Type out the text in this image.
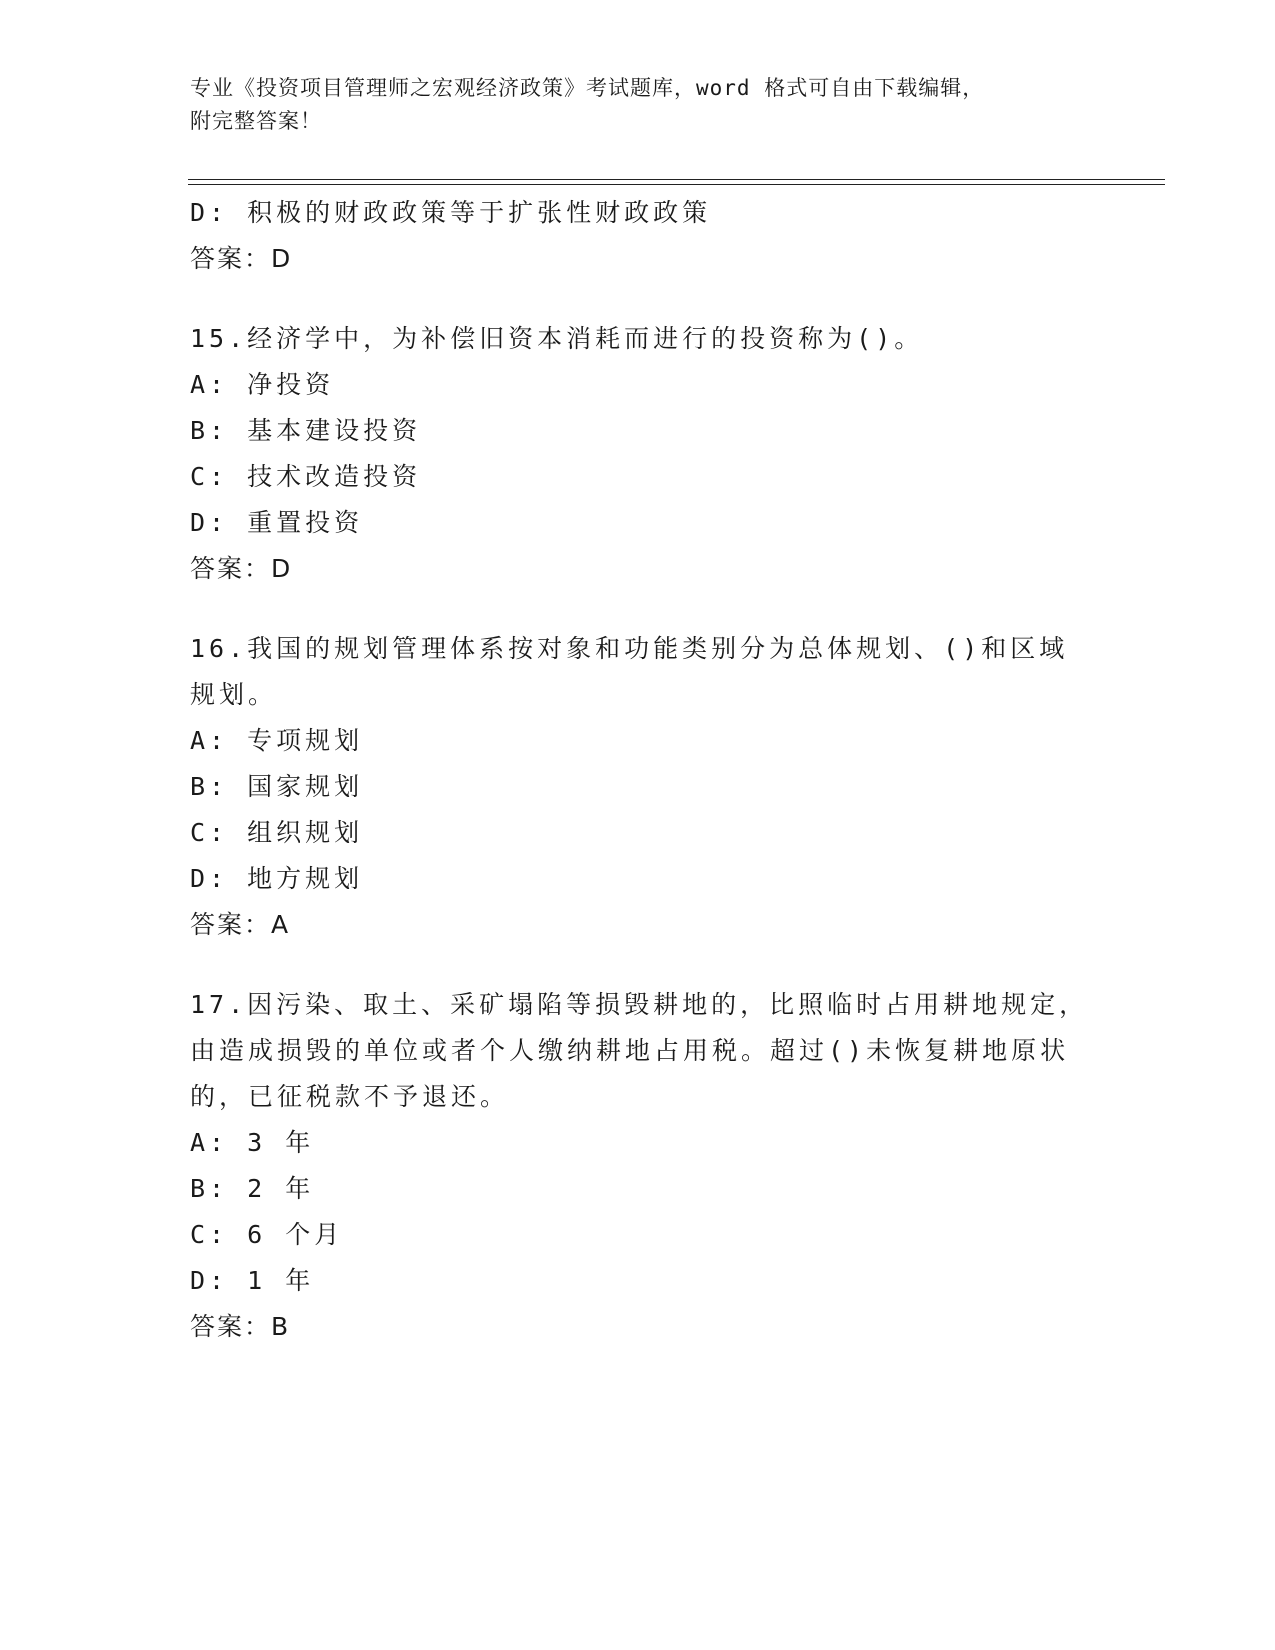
专业《投资项目管理师之宏观经济政策》考试题库，word 格式可自由下载编辑，
附完整答案！
D: 积极的财政政策等于扩张性财政政策
答案：D
15.经济学中，为补偿旧资本消耗而进行的投资称为()。
A: 净投资
B: 基本建设投资
C: 技术改造投资
D: 重置投资
答案：D
16.我国的规划管理体系按对象和功能类别分为总体规划、()和区域规划。
A: 专项规划
B: 国家规划
C: 组织规划
D: 地方规划
答案：A
17.因污染、取土、采矿塌陷等损毁耕地的，比照临时占用耕地规定，由造成损毁的单位或者个人缴纳耕地占用税。超过()未恢复耕地原状的，已征税款不予退还。
A: 3 年
B: 2 年
C: 6 个月
D: 1 年
答案：B
